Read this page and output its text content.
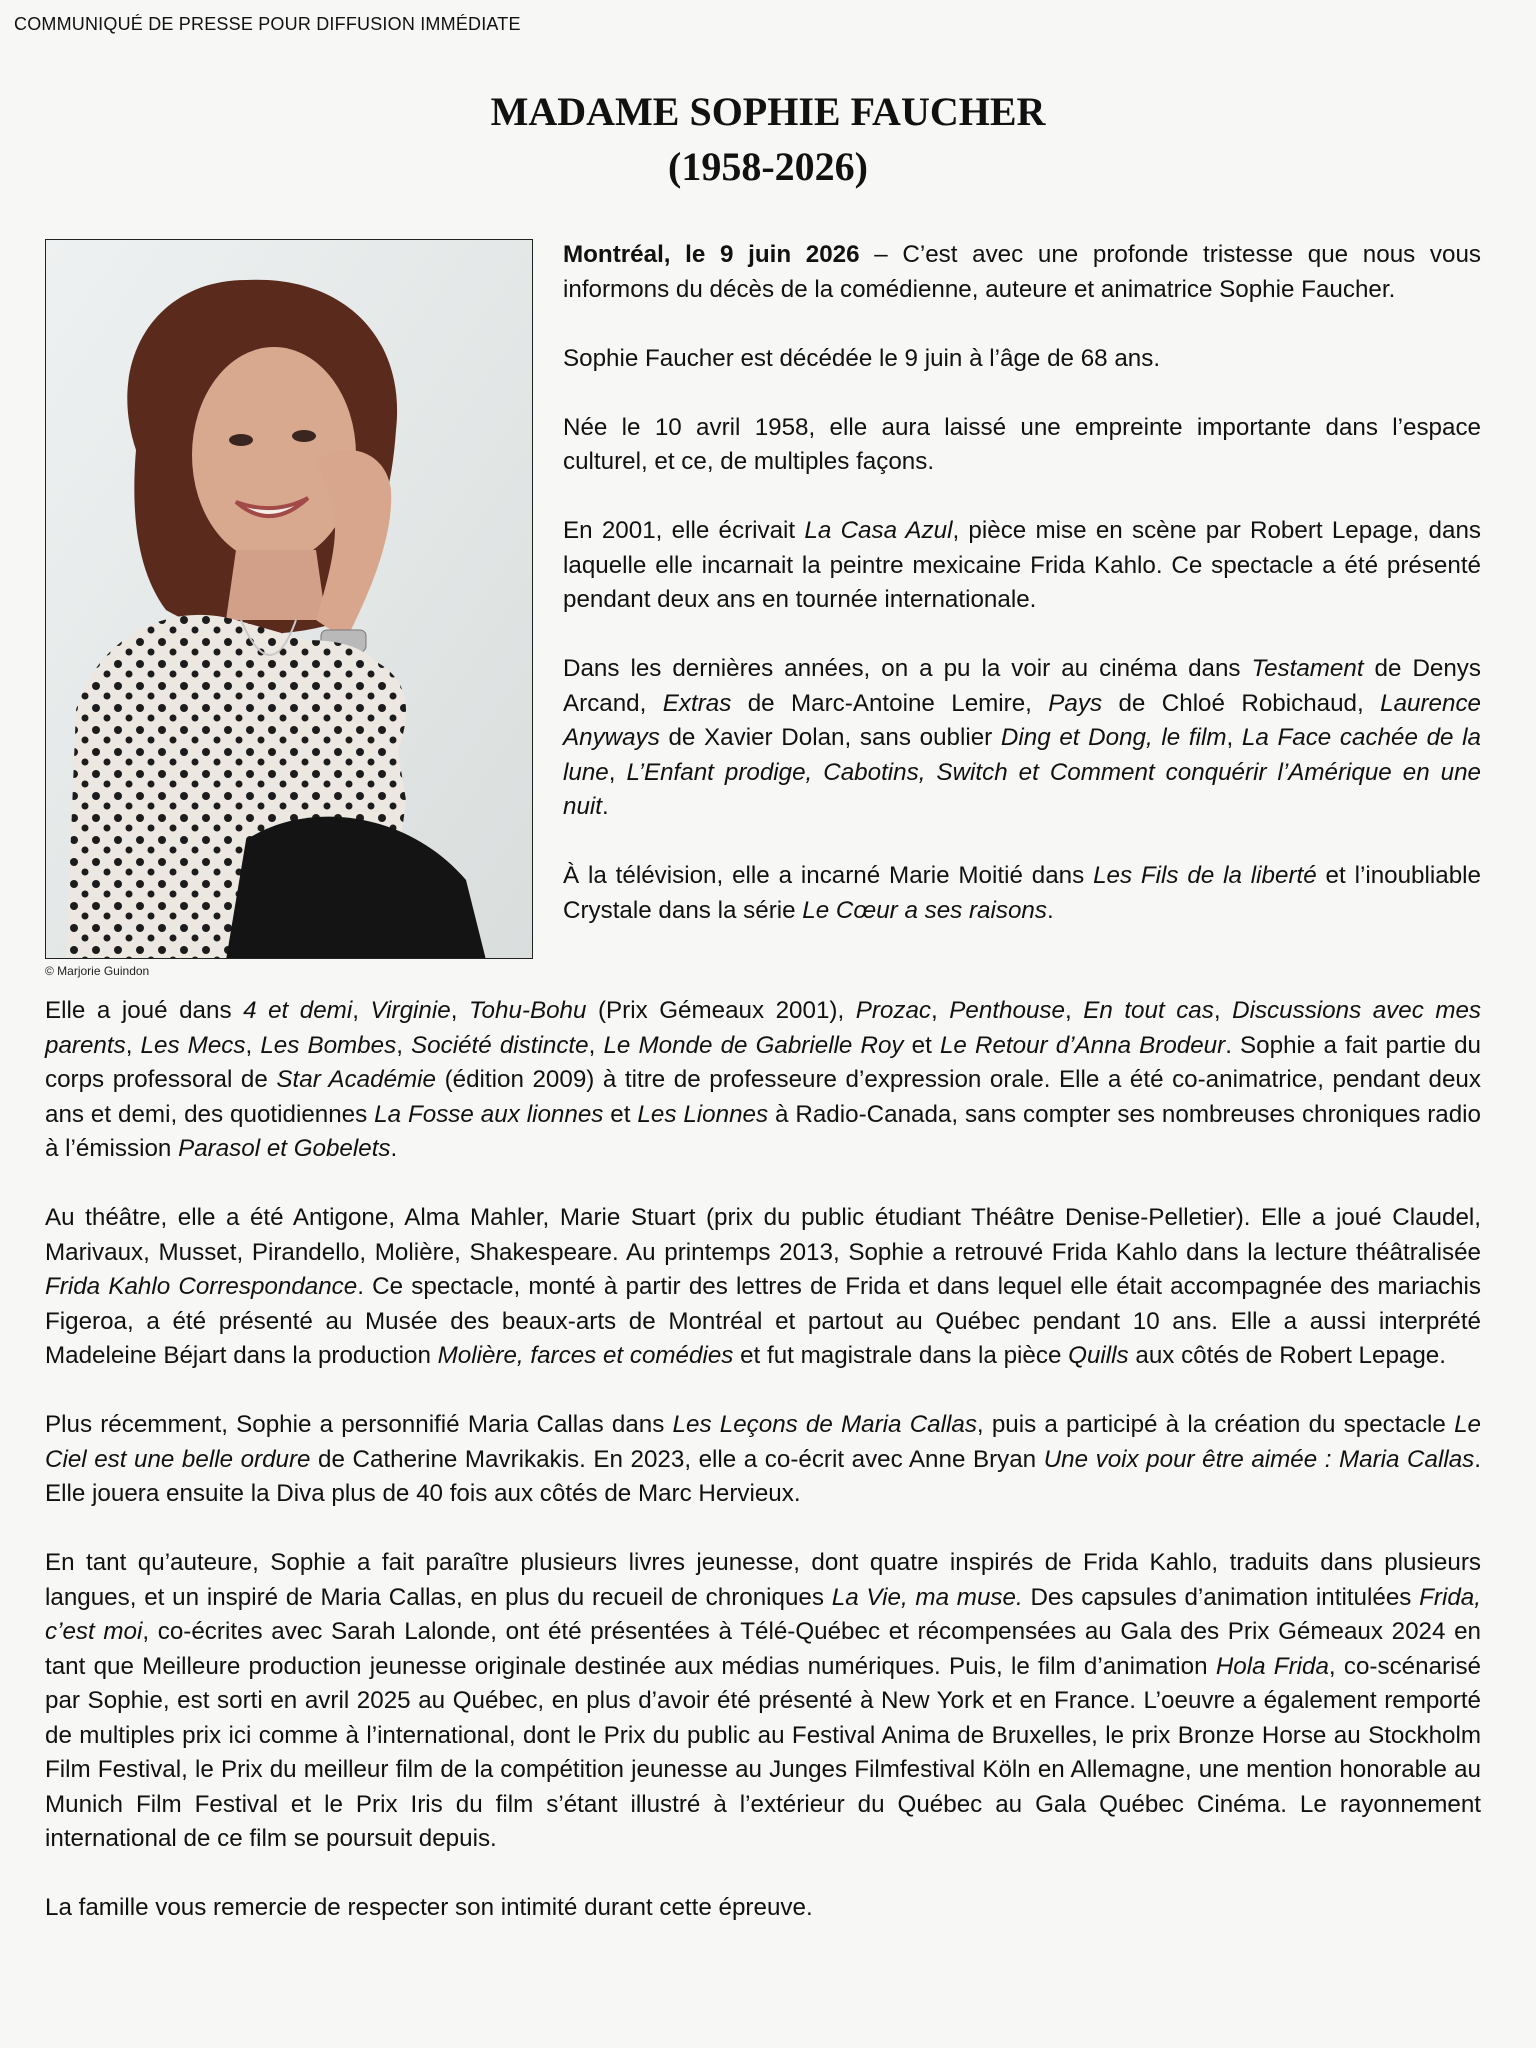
COMMUNIQUÉ DE PRESSE POUR DIFFUSION IMMÉDIATE
MADAME SOPHIE FAUCHER
(1958-2026)
© Marjorie Guindon

Montréal, le 9 juin 2026 – C’est avec une profonde tristesse que nous vous informons du décès de la comédienne, auteure et animatrice Sophie Faucher.

Sophie Faucher est décédée le 9 juin à l’âge de 68 ans.

Née le 10 avril 1958, elle aura laissé une empreinte importante dans l’espace culturel, et ce, de multiples façons.

En 2001, elle écrivait La Casa Azul, pièce mise en scène par Robert Lepage, dans laquelle elle incarnait la peintre mexicaine Frida Kahlo. Ce spectacle a été présenté pendant deux ans en tournée internationale.

Dans les dernières années, on a pu la voir au cinéma dans Testament de Denys Arcand, Extras de Marc-Antoine Lemire, Pays de Chloé Robichaud, Laurence Anyways de Xavier Dolan, sans oublier Ding et Dong, le film, La Face cachée de la lune, L’Enfant prodige, Cabotins, Switch et Comment conquérir l’Amérique en une nuit.

À la télévision, elle a incarné Marie Moitié dans Les Fils de la liberté et l’inoubliable Crystale dans la série Le Cœur a ses raisons.

Elle a joué dans 4 et demi, Virginie, Tohu-Bohu (Prix Gémeaux 2001), Prozac, Penthouse, En tout cas, Discussions avec mes parents, Les Mecs, Les Bombes, Société distincte, Le Monde de Gabrielle Roy et Le Retour d’Anna Brodeur. Sophie a fait partie du corps professoral de Star Académie (édition 2009) à titre de professeure d’expression orale. Elle a été co-animatrice, pendant deux ans et demi, des quotidiennes La Fosse aux lionnes et Les Lionnes à Radio-Canada, sans compter ses nombreuses chroniques radio à l’émission Parasol et Gobelets.

Au théâtre, elle a été Antigone, Alma Mahler, Marie Stuart (prix du public étudiant Théâtre Denise-Pelletier). Elle a joué Claudel, Marivaux, Musset, Pirandello, Molière, Shakespeare. Au printemps 2013, Sophie a retrouvé Frida Kahlo dans la lecture théâtralisée Frida Kahlo Correspondance. Ce spectacle, monté à partir des lettres de Frida et dans lequel elle était accompagnée des mariachis Figeroa, a été présenté au Musée des beaux-arts de Montréal et partout au Québec pendant 10 ans. Elle a aussi interprété Madeleine Béjart dans la production Molière, farces et comédies et fut magistrale dans la pièce Quills aux côtés de Robert Lepage.

Plus récemment, Sophie a personnifié Maria Callas dans Les Leçons de Maria Callas, puis a participé à la création du spectacle Le Ciel est une belle ordure de Catherine Mavrikakis. En 2023, elle a co-écrit avec Anne Bryan Une voix pour être aimée : Maria Callas. Elle jouera ensuite la Diva plus de 40 fois aux côtés de Marc Hervieux.

En tant qu’auteure, Sophie a fait paraître plusieurs livres jeunesse, dont quatre inspirés de Frida Kahlo, traduits dans plusieurs langues, et un inspiré de Maria Callas, en plus du recueil de chroniques La Vie, ma muse. Des capsules d’animation intitulées Frida, c’est moi, co-écrites avec Sarah Lalonde, ont été présentées à Télé-Québec et récompensées au Gala des Prix Gémeaux 2024 en tant que Meilleure production jeunesse originale destinée aux médias numériques. Puis, le film d’animation Hola Frida, co-scénarisé par Sophie, est sorti en avril 2025 au Québec, en plus d’avoir été présenté à New York et en France. L’oeuvre a également remporté de multiples prix ici comme à l’international, dont le Prix du public au Festival Anima de Bruxelles, le prix Bronze Horse au Stockholm Film Festival, le Prix du meilleur film de la compétition jeunesse au Junges Filmfestival Köln en Allemagne, une mention honorable au Munich Film Festival et le Prix Iris du film s’étant illustré à l’extérieur du Québec au Gala Québec Cinéma. Le rayonnement international de ce film se poursuit depuis.

La famille vous remercie de respecter son intimité durant cette épreuve.
